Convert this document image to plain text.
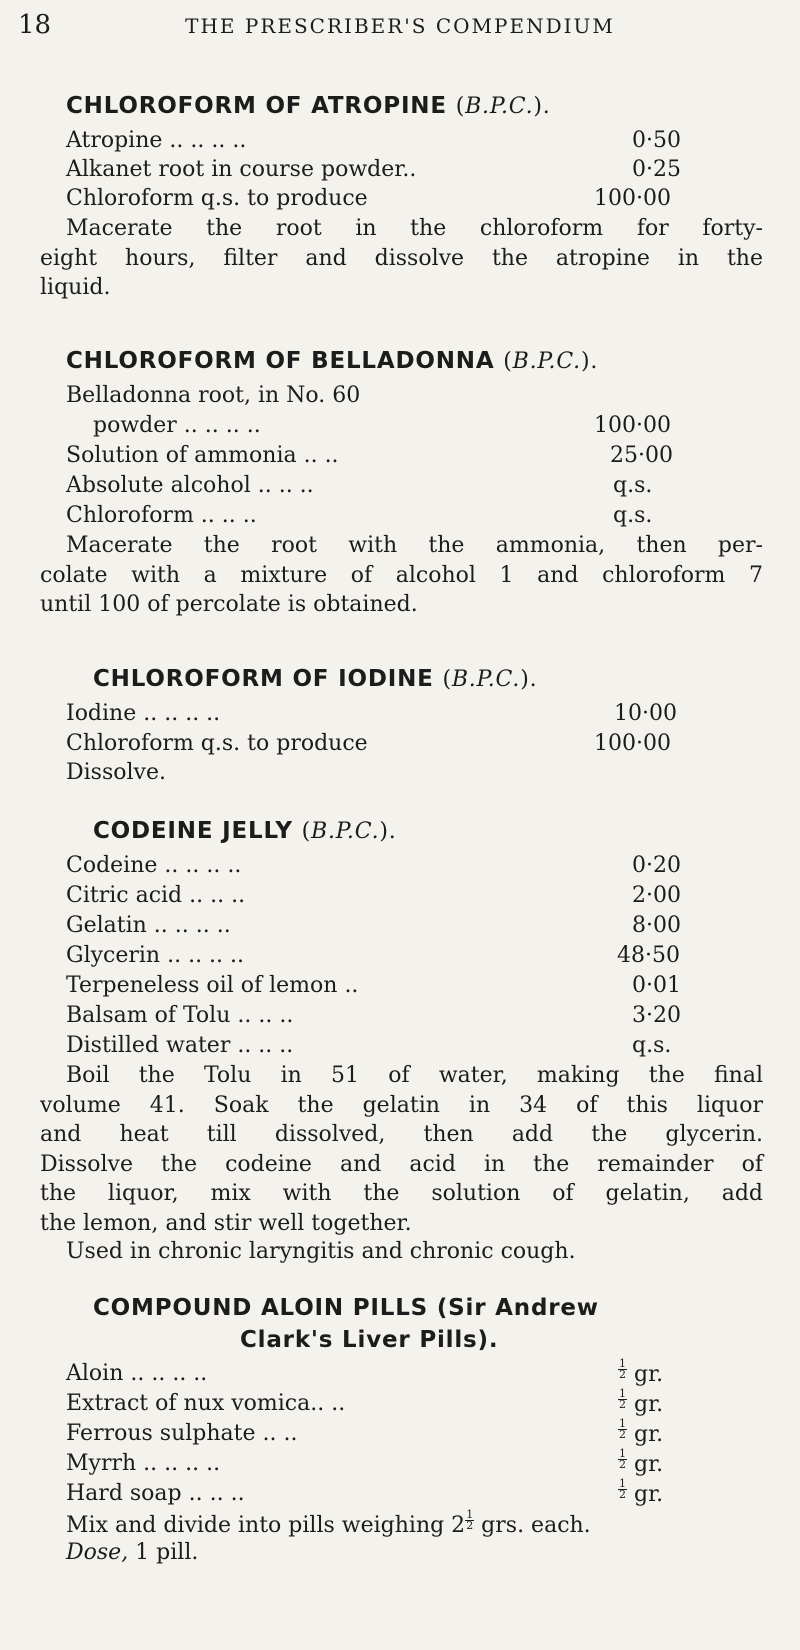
18	THE PRESCRIBER'S COMPENDIUM
CHLOROFORM OF ATROPINE (B.P.C.).
Atropine .. .. .. ..	0·50
Alkanet root in course powder..	0·25
Chloroform q.s. to produce	100·00
Macerate the root in the chloroform for forty-
eight hours, filter and dissolve the atropine in the
liquid.
CHLOROFORM OF BELLADONNA (B.P.C.).
Belladonna root, in No. 60
powder .. .. .. ..	100·00
Solution of ammonia .. ..	25·00
Absolute alcohol .. .. ..	q.s.
Chloroform .. .. ..	q.s.
Macerate the root with the ammonia, then per-
colate with a mixture of alcohol 1 and chloroform 7
until 100 of percolate is obtained.
CHLOROFORM OF IODINE (B.P.C.).
Iodine .. .. .. ..	10·00
Chloroform q.s. to produce	100·00
Dissolve.
CODEINE JELLY (B.P.C.).
Codeine .. .. .. ..	0·20
Citric acid .. .. ..	2·00
Gelatin .. .. .. ..	8·00
Glycerin .. .. .. ..	48·50
Terpeneless oil of lemon ..	0·01
Balsam of Tolu .. .. ..	3·20
Distilled water .. .. ..	q.s.
Boil the Tolu in 51 of water, making the final
volume 41. Soak the gelatin in 34 of this liquor
and heat till dissolved, then add the glycerin.
Dissolve the codeine and acid in the remainder of
the liquor, mix with the solution of gelatin, add
the lemon, and stir well together.
Used in chronic laryngitis and chronic cough.
COMPOUND ALOIN PILLS (Sir Andrew
Clark's Liver Pills).
Aloin .. .. .. ..	$\frac{1}{2}$ gr.
Extract of nux vomica.. ..	$\frac{1}{2}$ gr.
Ferrous sulphate .. ..	$\frac{1}{2}$ gr.
Myrrh .. .. .. ..	$\frac{1}{2}$ gr.
Hard soap .. .. ..	$\frac{1}{2}$ gr.
Mix and divide into pills weighing $2 \frac{1}{2}$ grs. each.
Dose, 1 pill.
